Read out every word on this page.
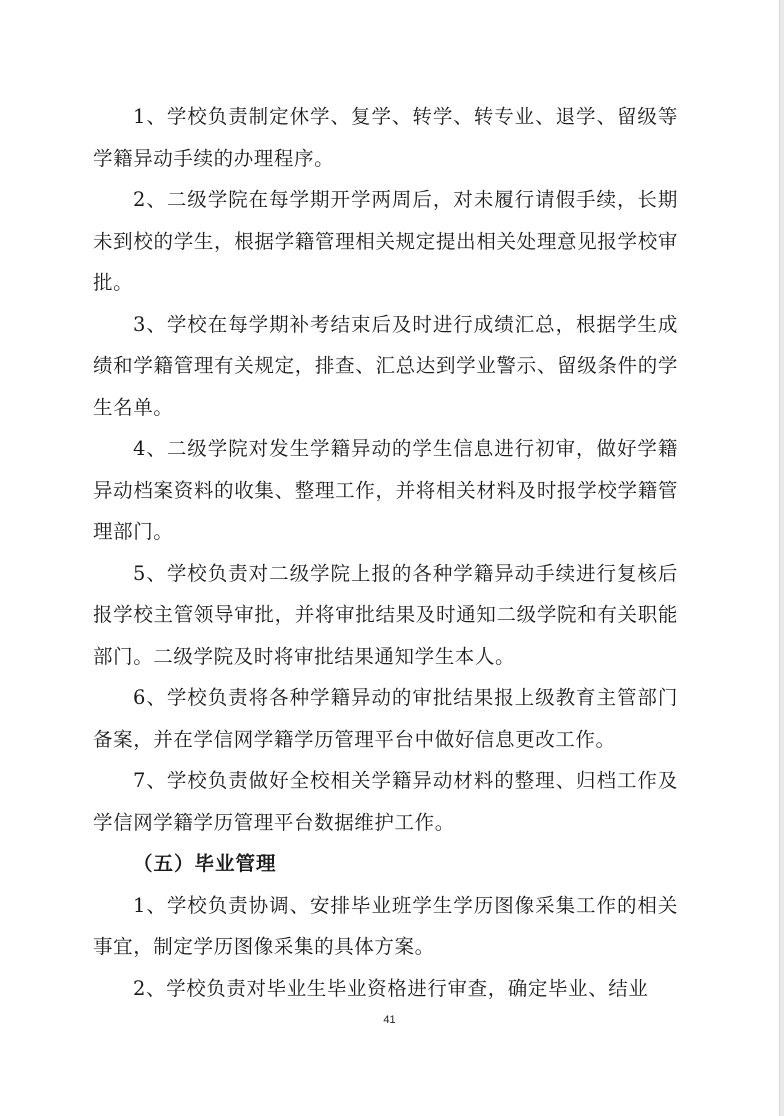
1、学校负责制定休学、复学、转学、转专业、退学、留级等学籍异动手续的办理程序。

2、二级学院在每学期开学两周后，对未履行请假手续，长期未到校的学生，根据学籍管理相关规定提出相关处理意见报学校审批。

3、学校在每学期补考结束后及时进行成绩汇总，根据学生成绩和学籍管理有关规定，排查、汇总达到学业警示、留级条件的学生名单。

4、二级学院对发生学籍异动的学生信息进行初审，做好学籍异动档案资料的收集、整理工作，并将相关材料及时报学校学籍管理部门。

5、学校负责对二级学院上报的各种学籍异动手续进行复核后报学校主管领导审批，并将审批结果及时通知二级学院和有关职能部门。二级学院及时将审批结果通知学生本人。

6、学校负责将各种学籍异动的审批结果报上级教育主管部门备案，并在学信网学籍学历管理平台中做好信息更改工作。

7、学校负责做好全校相关学籍异动材料的整理、归档工作及学信网学籍学历管理平台数据维护工作。

（五）毕业管理

1、学校负责协调、安排毕业班学生学历图像采集工作的相关事宜，制定学历图像采集的具体方案。

2、学校负责对毕业生毕业资格进行审查，确定毕业、结业

41
